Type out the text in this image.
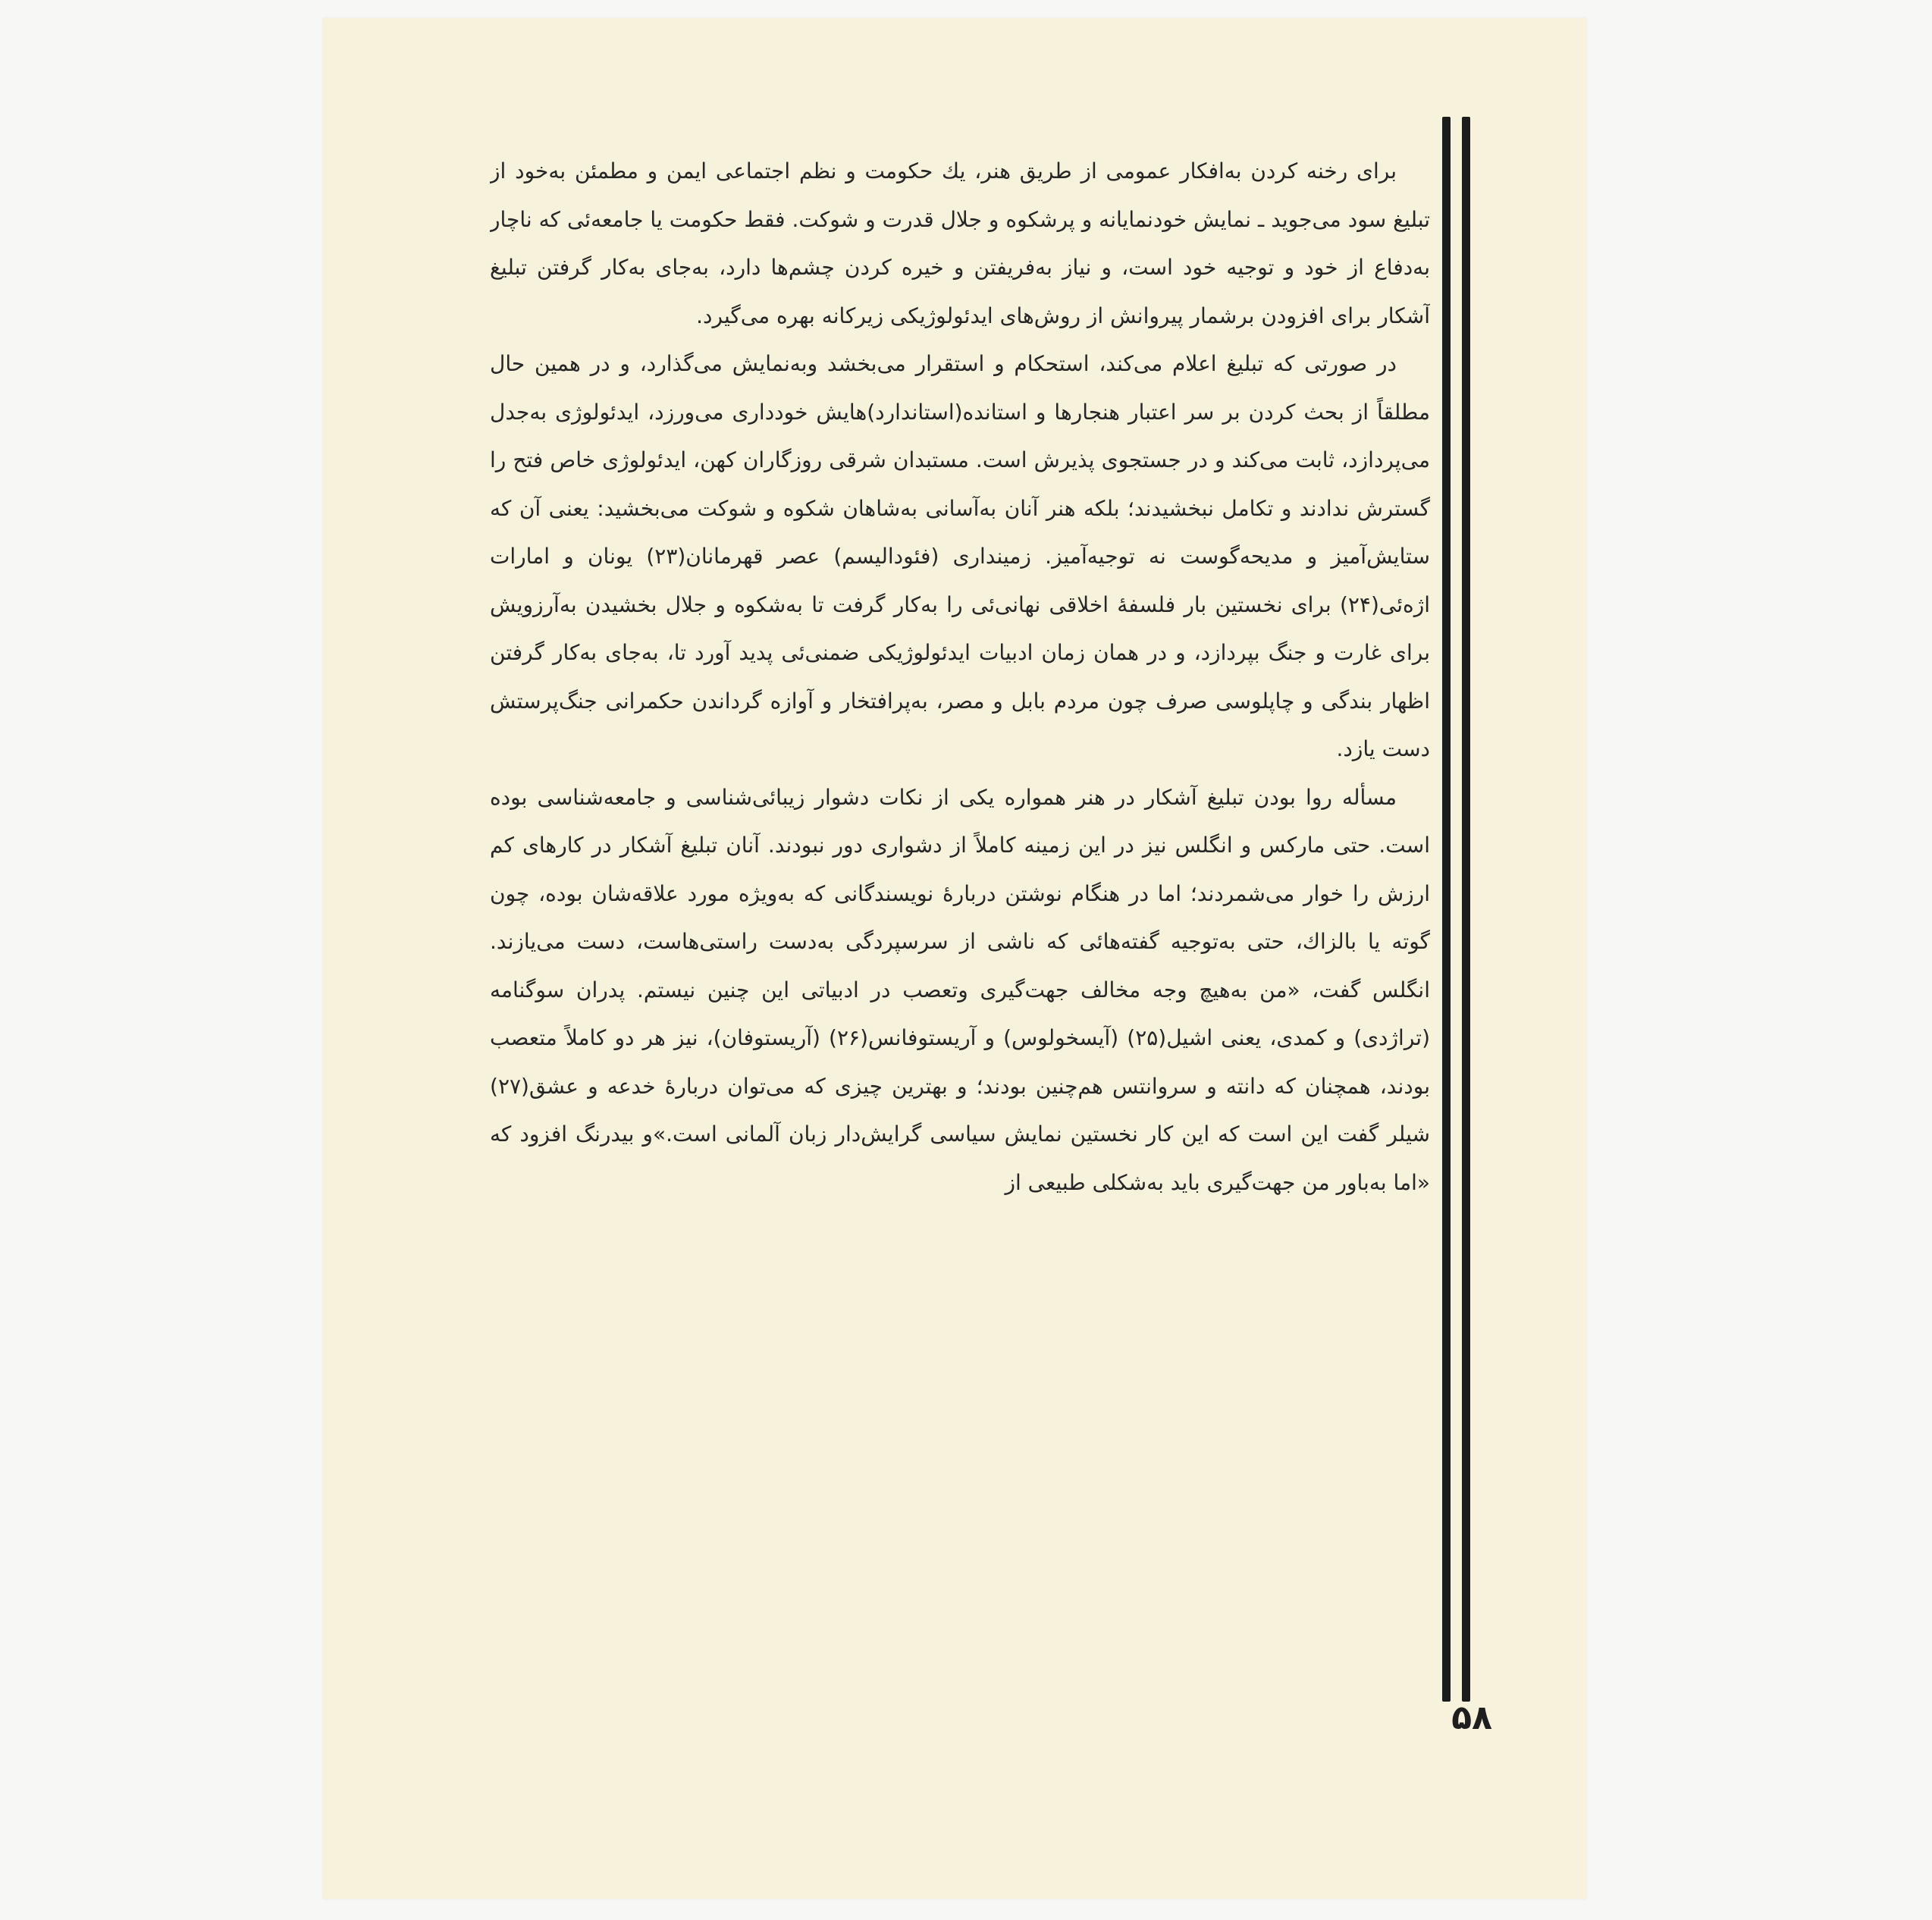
برای رخنه کردن به‌افکار عمومی از طریق هنر، یك حکومت و نظم اجتماعی ایمن و مطمئن به‌خود از تبلیغ سود می‌جوید ـ نمایش خودنمایانه و پرشکوه و جلال قدرت و شوکت. فقط حکومت یا جامعه‌ئی که ناچار به‌دفاع از خود و توجیه خود است، و نیاز به‌فریفتن و خیره کردن چشم‌ها دارد، به‌جای به‌کار گرفتن تبلیغ آشکار برای افزودن برشمار پیروانش از روش‌های ایدئولوژیکی زیرکانه بهره می‌گیرد.

در صورتی که تبلیغ اعلام می‌کند، استحکام و استقرار می‌بخشد وبه‌نمایش می‌گذارد، و در همین حال مطلقاً از بحث کردن بر سر اعتبار هنجارها و استانده(استاندارد)هایش خودداری می‌ورزد، ایدئولوژی به‌جدل می‌پردازد، ثابت می‌کند و در جستجوی پذیرش است. مستبدان شرقی روزگاران کهن، ایدئولوژی خاص فتح را گسترش ندادند و تکامل نبخشیدند؛ بلکه هنر آنان به‌آسانی به‌شاهان شکوه و شوکت می‌بخشید: یعنی آن که ستایش‌آمیز و مدیحه‌گوست نه توجیه‌آمیز. زمینداری (فئودالیسم) عصر قهرمانان(۲۳) یونان و امارات اژه‌ئی(۲۴) برای نخستین بار فلسفهٔ اخلاقی نهانی‌ئی را به‌کار گرفت تا به‌شکوه و جلال بخشیدن به‌آرزویش برای غارت و جنگ بپردازد، و در همان زمان ادبیات ایدئولوژیکی ضمنی‌ئی پدید آورد تا، به‌جای به‌کار گرفتن اظهار بندگی و چاپلوسی صرف چون مردم بابل و مصر، به‌پرافتخار و آوازه گرداندن حکمرانی جنگ‌پرستش دست یازد.

مسأله روا بودن تبلیغ آشکار در هنر همواره یکی از نکات دشوار زیبائی‌شناسی و جامعه‌شناسی بوده است. حتی مارکس و انگلس نیز در این زمینه کاملاً از دشواری دور نبودند. آنان تبلیغ آشکار در کارهای کم ارزش را خوار می‌شمردند؛ اما در هنگام نوشتن دربارهٔ نویسندگانی که به‌ویژه مورد علاقه‌شان بوده، چون گوته یا بالزاك، حتی به‌توجیه گفته‌هائی که ناشی از سرسپردگی به‌دست راستی‌هاست، دست می‌یازند. انگلس گفت، «من به‌هیچ وجه مخالف جهت‌گیری وتعصب در ادبیاتی این چنین نیستم. پدران سوگنامه (تراژدی) و کمدی، یعنی اشیل(۲۵) (آیسخولوس) و آریستوفانس(۲۶) (آریستوفان)، نیز هر دو کاملاً متعصب بودند، همچنان که دانته و سروانتس هم‌چنین بودند؛ و بهترین چیزی که می‌توان دربارهٔ خدعه و عشق(۲۷) شیلر گفت این است که این کار نخستین نمایش سیاسی گرایش‌دار زبان آلمانی است.»و بیدرنگ افزود که «اما به‌باور من جهت‌گیری باید به‌شکلی طبیعی از

۵۸
